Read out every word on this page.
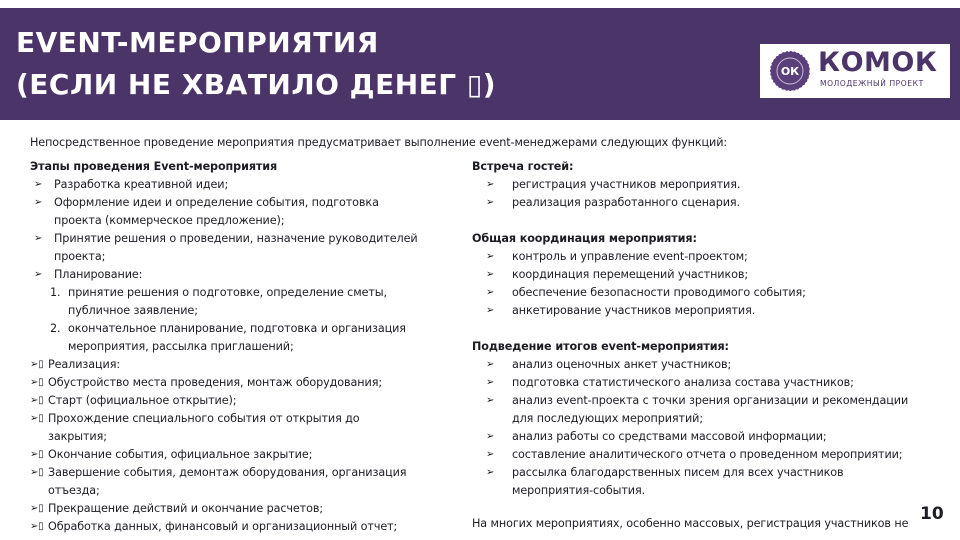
EVENT-МЕРОПРИЯТИЯ
(ЕСЛИ НЕ ХВАТИЛО ДЕНЕГ ▯)	ОК КОМОК
МОЛОДЕЖНЫЙ ПРОЕКТ
Непосредственное проведение мероприятия предусматривает выполнение event-менеджерами следующих функций:
Этапы проведения Event-мероприятия
➢	Разработка креативной идеи;
➢	Оформление идеи и определение события, подготовка
проекта (коммерческое предложение);
➢	Принятие решения о проведении, назначение руководителей
проекта;
➢	Планирование:
1. принятие решения о подготовке, определение сметы,
публичное заявление;
2. окончательное планирование, подготовка и организация
мероприятия, рассылка приглашений;
➢▯ Реализация:
➢▯ Обустройство места проведения, монтаж оборудования;
➢▯ Старт (официальное открытие);
➢▯ Прохождение специального события от открытия до
закрытия;
➢▯ Окончание события, официальное закрытие;
➢▯ Завершение события, демонтаж оборудования, организация
отъезда;
➢▯ Прекращение действий и окончание расчетов;
➢▯ Обработка данных, финансовый и организационный отчет;
Встреча гостей:
➢	регистрация участников мероприятия.
➢	реализация разработанного сценария.
Общая координация мероприятия:
➢	контроль и управление event-проектом;
➢	координация перемещений участников;
➢	обеспечение безопасности проводимого события;
➢	анкетирование участников мероприятия.
Подведение итогов event-мероприятия:
➢	анализ оценочных анкет участников;
➢	подготовка статистического анализа состава участников;
➢	анализ event-проекта с точки зрения организации и рекомендации
для последующих мероприятий;
➢	анализ работы со средствами массовой информации;
➢	составление аналитического отчета о проведенном мероприятии;
➢	рассылка благодарственных писем для всех участников
мероприятия-события.
На многих мероприятиях, особенно массовых, регистрация участников не 10
